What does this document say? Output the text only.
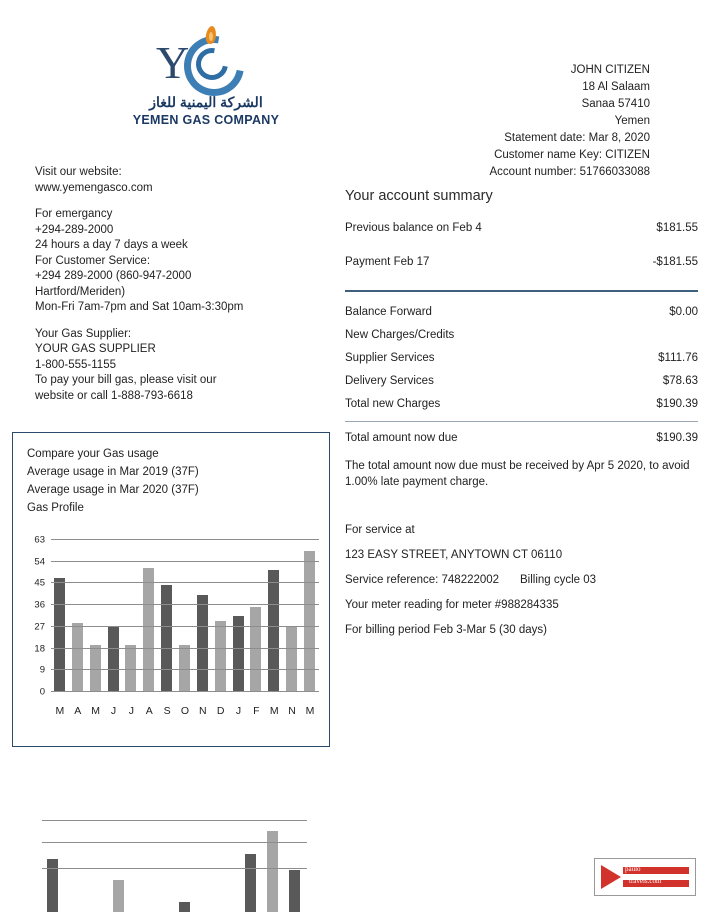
Y
الشركة اليمنية للغاز
YEMEN GAS COMPANY
JOHN CITIZEN
18 Al Salaam
Sanaa 57410
Yemen
Statement date: Mar 8, 2020
Customer name Key: CITIZEN
Account number: 51766033088
Visit our website:
www.yemengasco.com
For emergancy
+294-289-2000
24 hours a day 7 days a week
For Customer Service:
+294 289-2000 (860-947-2000
Hartford/Meriden)
Mon-Fri 7am-7pm and Sat 10am-3:30pm
Your Gas Supplier:
YOUR GAS SUPPLIER
1-800-555-1155
To pay your bill gas, please visit our
website or call 1-888-793-6618
Your account summary
Previous balance on Feb 4	$181.55
Payment Feb 17	-$181.55
Balance Forward	$0.00
New Charges/Credits
Supplier Services	$111.76
Delivery Services	$78.63
Total new Charges	$190.39
Total amount now due	$190.39
The total amount now due must be received by Apr 5 2020, to avoid 1.00% late payment charge.
For service at
123 EASY STREET, ANYTOWN CT 06110
Service reference: 748222002	Billing cycle 03
Your meter reading for meter #988284335
For billing period Feb 3-Mar 5 (30 days)
Compare your Gas usage
Average usage in Mar 2019 (37F)
Average usage in Mar 2020 (37F)
Gas Profile
M A M	J	J	A	S O N D	J	F M N M
0
9
18
27
36
45
54
63
paulo
travels.com
